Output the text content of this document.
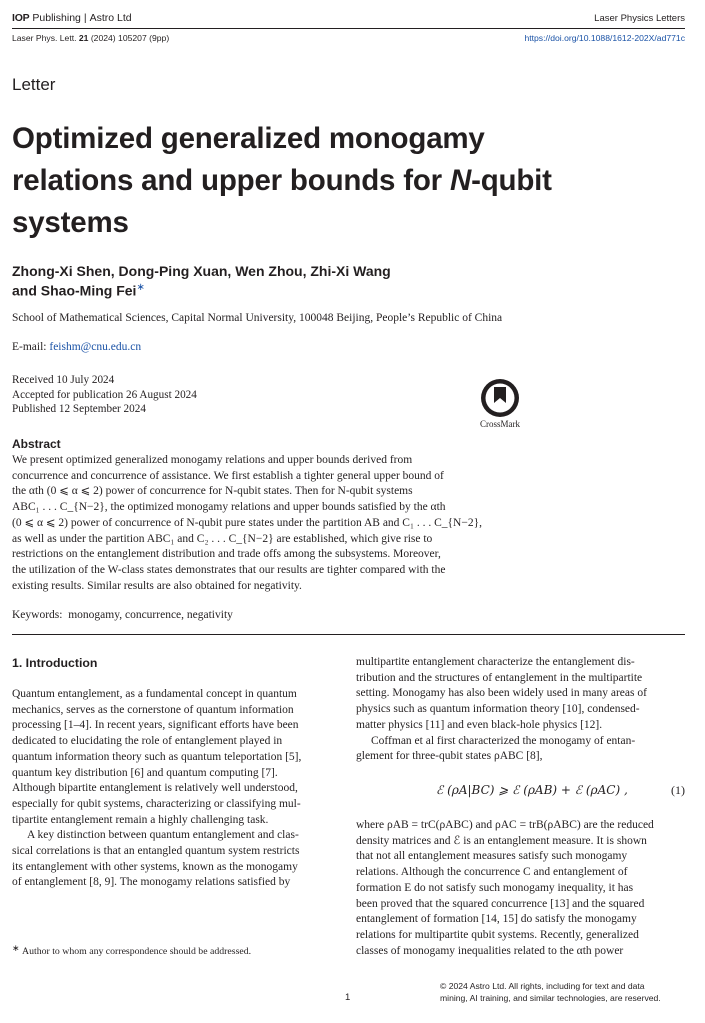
IOP Publishing | Astro Ltd	Laser Physics Letters
Laser Phys. Lett. 21 (2024) 105207 (9pp)	https://doi.org/10.1088/1612-202X/ad771c
Letter
Optimized generalized monogamy
relations and upper bounds for N-qubit
systems
Zhong-Xi Shen, Dong-Ping Xuan, Wen Zhou, Zhi-Xi Wang
and Shao-Ming Fei∗
School of Mathematical Sciences, Capital Normal University, 100048 Beijing, People’s Republic of China
E-mail: feishm@cnu.edu.cn
Received 10 July 2024
Accepted for publication 26 August 2024
Published 12 September 2024
CrossMark
Abstract
We present optimized generalized monogamy relations and upper bounds derived from
concurrence and concurrence of assistance. We first establish a tighter general upper bound of
the αth (0 ⩽ α ⩽ 2) power of concurrence for N-qubit states. Then for N-qubit systems
ABC₁ . . . C_{N−2}, the optimized monogamy relations and upper bounds satisfied by the αth
(0 ⩽ α ⩽ 2) power of concurrence of N-qubit pure states under the partition AB and C₁ . . . C_{N−2},
as well as under the partition ABC₁ and C₂ . . . C_{N−2} are established, which give rise to
restrictions on the entanglement distribution and trade offs among the subsystems. Moreover,
the utilization of the W-class states demonstrates that our results are tighter compared with the
existing results. Similar results are also obtained for negativity.
Keywords: monogamy, concurrence, negativity
1. Introduction
Quantum entanglement, as a fundamental concept in quantum
mechanics, serves as the cornerstone of quantum information
processing [1–4]. In recent years, significant efforts have been
dedicated to elucidating the role of entanglement played in
quantum information theory such as quantum teleportation [5],
quantum key distribution [6] and quantum computing [7].
Although bipartite entanglement is relatively well understood,
especially for qubit systems, characterizing or classifying mul-
tipartite entanglement remain a highly challenging task.
A key distinction between quantum entanglement and clas-
sical correlations is that an entangled quantum system restricts
its entanglement with other systems, known as the monogamy
of entanglement [8, 9]. The monogamy relations satisfied by
multipartite entanglement characterize the entanglement dis-
tribution and the structures of entanglement in the multipartite
setting. Monogamy has also been widely used in many areas of
physics such as quantum information theory [10], condensed-
matter physics [11] and even black-hole physics [12].
Coffman et al first characterized the monogamy of entan-
glement for three-qubit states ρABC [8],
ℰ (ρA|BC) ⩾ ℰ (ρAB) + ℰ (ρAC) ,	(1)
where ρAB = trC(ρABC) and ρAC = trB(ρABC) are the reduced
density matrices and ℰ is an entanglement measure. It is shown
that not all entanglement measures satisfy such monogamy
relations. Although the concurrence C and entanglement of
formation E do not satisfy such monogamy inequality, it has
been proved that the squared concurrence [13] and the squared
entanglement of formation [14, 15] do satisfy the monogamy
relations for multipartite qubit systems. Recently, generalized
classes of monogamy inequalities related to the αth power
∗ Author to whom any correspondence should be addressed.
© 2024 Astro Ltd. All rights, including for text and data
mining, AI training, and similar technologies, are reserved.
1
